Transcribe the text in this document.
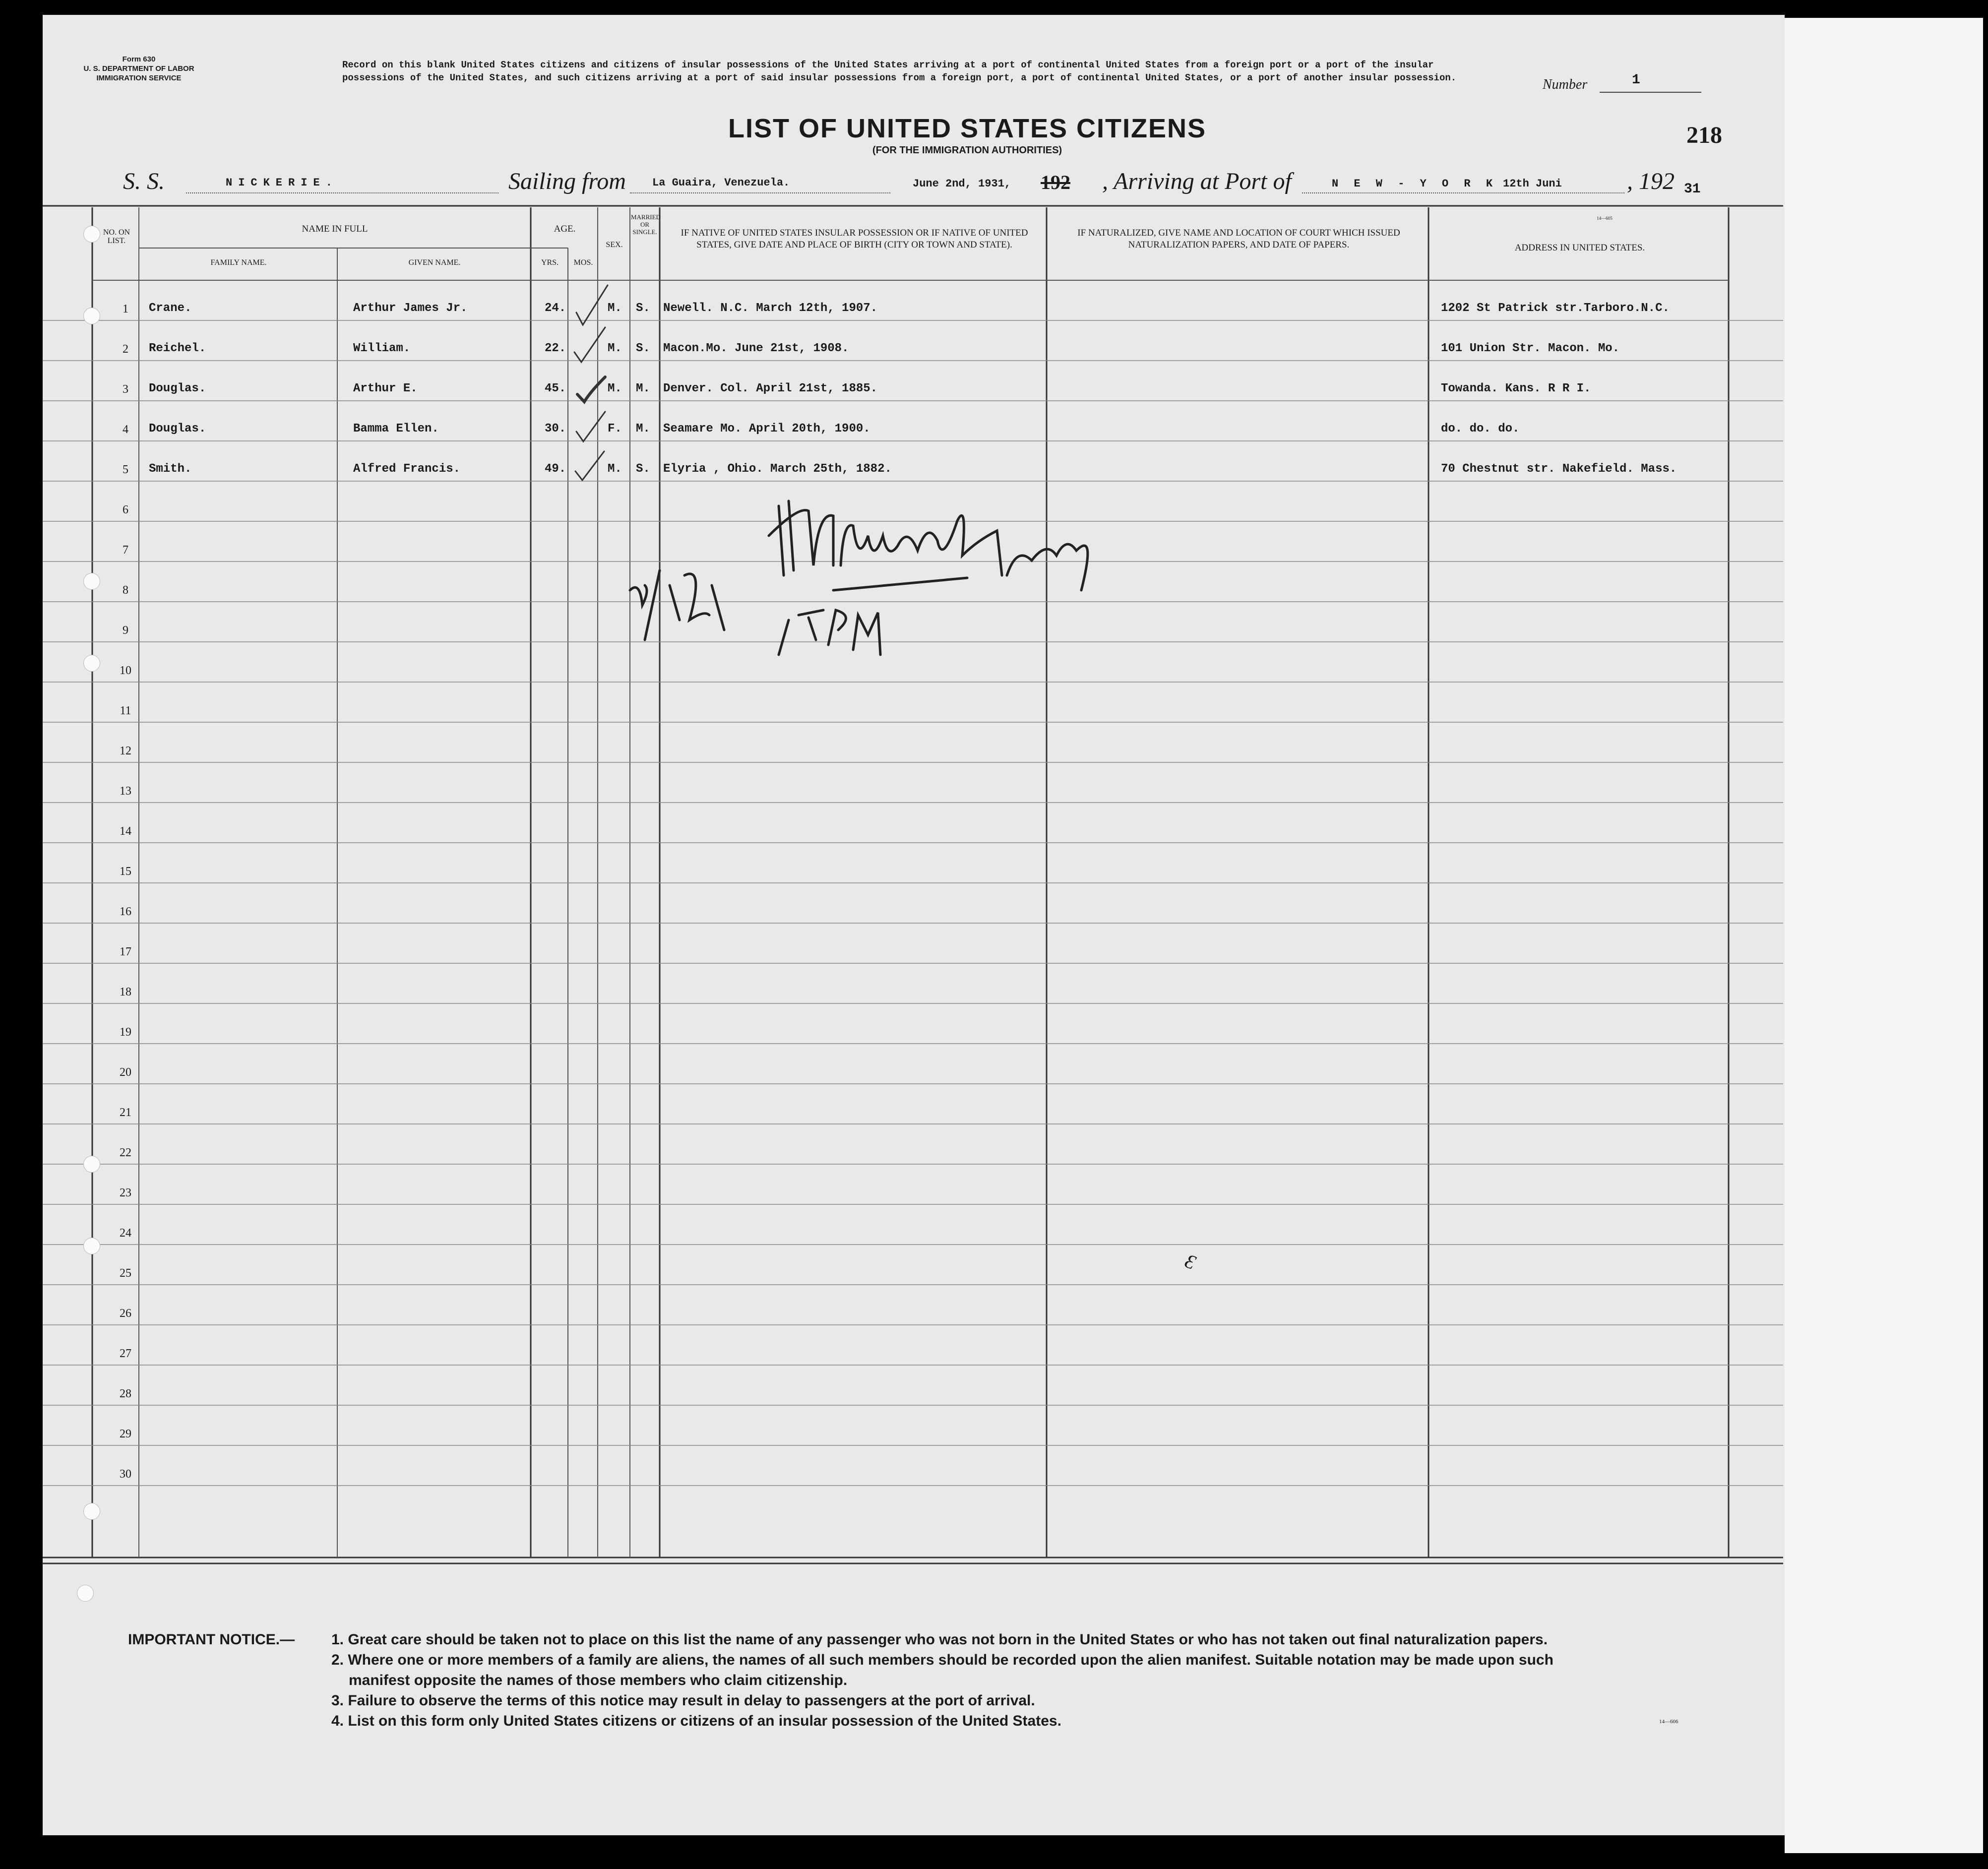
Form 630
U. S. DEPARTMENT OF LABOR
IMMIGRATION SERVICE
Record on this blank United States citizens and citizens of insular possessions of the United States arriving at a port of continental United States from a foreign port or a port of the insular possessions of the United States, and such citizens arriving at a port of said insular possessions from a foreign port, a port of continental United States, or a port of another insular possession.	Number	1
LIST OF UNITED STATES CITIZENS
(FOR THE IMMIGRATION AUTHORITIES)
218
S. S.	NICKERIE.	Sailing from La Guaira, Venezuela.	June 2nd, 1931, 192 , Arriving at Port of	N E W - Y O R K 12th Juni	, 192 31
NO. ON LIST.
NAME IN FULL
FAMILY NAME.	GIVEN NAME.
AGE.
YRS.	MOS.
SEX.
MARRIED OR SINGLE.	IF NATIVE OF UNITED STATES INSULAR POSSESSION OR IF NATIVE OF UNITED STATES, GIVE DATE AND PLACE OF BIRTH (CITY OR TOWN AND STATE).
IF NATURALIZED, GIVE NAME AND LOCATION OF COURT WHICH ISSUED NATURALIZATION PAPERS, AND DATE OF PAPERS.	ADDRESS IN UNITED STATES.
14—605
1	Crane.	Arthur James Jr.	24.	M. S. Newell. N.C. March 12th, 1907.	1202 St Patrick str.Tarboro.N.C.
2	Reichel.	William.	22.	M. S. Macon.Mo. June 21st, 1908.	101 Union Str. Macon. Mo.
3	Douglas.	Arthur E.	45.	M. M. Denver. Col. April 21st, 1885.	Towanda. Kans. R R I.
4	Douglas.	Bamma Ellen.	30.	F. M. Seamare Mo. April 20th, 1900.	do. do. do.
5	Smith.	Alfred Francis.	49.	M. S. Elyria , Ohio. March 25th, 1882.	70 Chestnut str. Nakefield. Mass.
6
7
8
9
10
11
12
13
14
15
16
17
18
19
20
21
22
23
24
25
26
27
28
29
30
Ɛ
IMPORTANT NOTICE.— 1. Great care should be taken not to place on this list the name of any passenger who was not born in the United States or who has not taken out final naturalization papers.
2. Where one or more members of a family are aliens, the names of all such members should be recorded upon the alien manifest. Suitable notation may be made upon such
manifest opposite the names of those members who claim citizenship.
3. Failure to observe the terms of this notice may result in delay to passengers at the port of arrival.
4. List on this form only United States citizens or citizens of an insular possession of the United States.	14—606
